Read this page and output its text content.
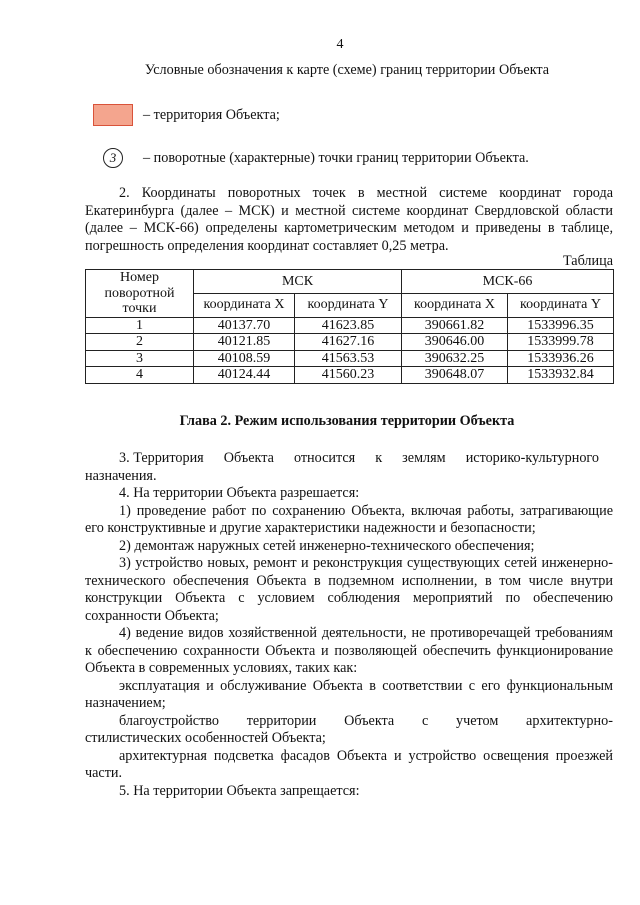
4
Условные обозначения к карте (схеме) границ территории Объекта
– территория Объекта;
3	– поворотные (характерные) точки границ территории Объекта.

2. Координаты поворотных точек в местной системе координат города Екатеринбурга (далее – МСК) и местной системе координат Свердловской области (далее – МСК-66) определены картометрическим методом и приведены в таблице, погрешность определения координат составляет 0,25 метра.

Таблица
Номер поворотной точки	МСК		МСК-66	
	координата X	координата Y	координата X	координата Y
1	40137.70	41623.85	390661.82	1533996.35
2	40121.85	41627.16	390646.00	1533999.78
3	40108.59	41563.53	390632.25	1533936.26
4	40124.44	41560.23	390648.07	1533932.84
Глава 2. Режим использования территории Объекта

3. Территория Объекта относится к землям историко-культурного

назначения.

4. На территории Объекта разрешается:

1) проведение работ по сохранению Объекта, включая работы, затрагивающие его конструктивные и другие характеристики надежности и безопасности;

2) демонтаж наружных сетей инженерно-технического обеспечения;

3) устройство новых, ремонт и реконструкция существующих сетей инженерно-технического обеспечения Объекта в подземном исполнении, в том числе внутри конструкции Объекта с условием соблюдения мероприятий по обеспечению сохранности Объекта;

4) ведение видов хозяйственной деятельности, не противоречащей требованиям к обеспечению сохранности Объекта и позволяющей обеспечить функционирование Объекта в современных условиях, таких как:

эксплуатация и обслуживание Объекта в соответствии с его функциональным назначением;

благоустройство территории Объекта с учетом архитектурно-

стилистических особенностей Объекта;

архитектурная подсветка фасадов Объекта и устройство освещения проезжей части.

5. На территории Объекта запрещается:
